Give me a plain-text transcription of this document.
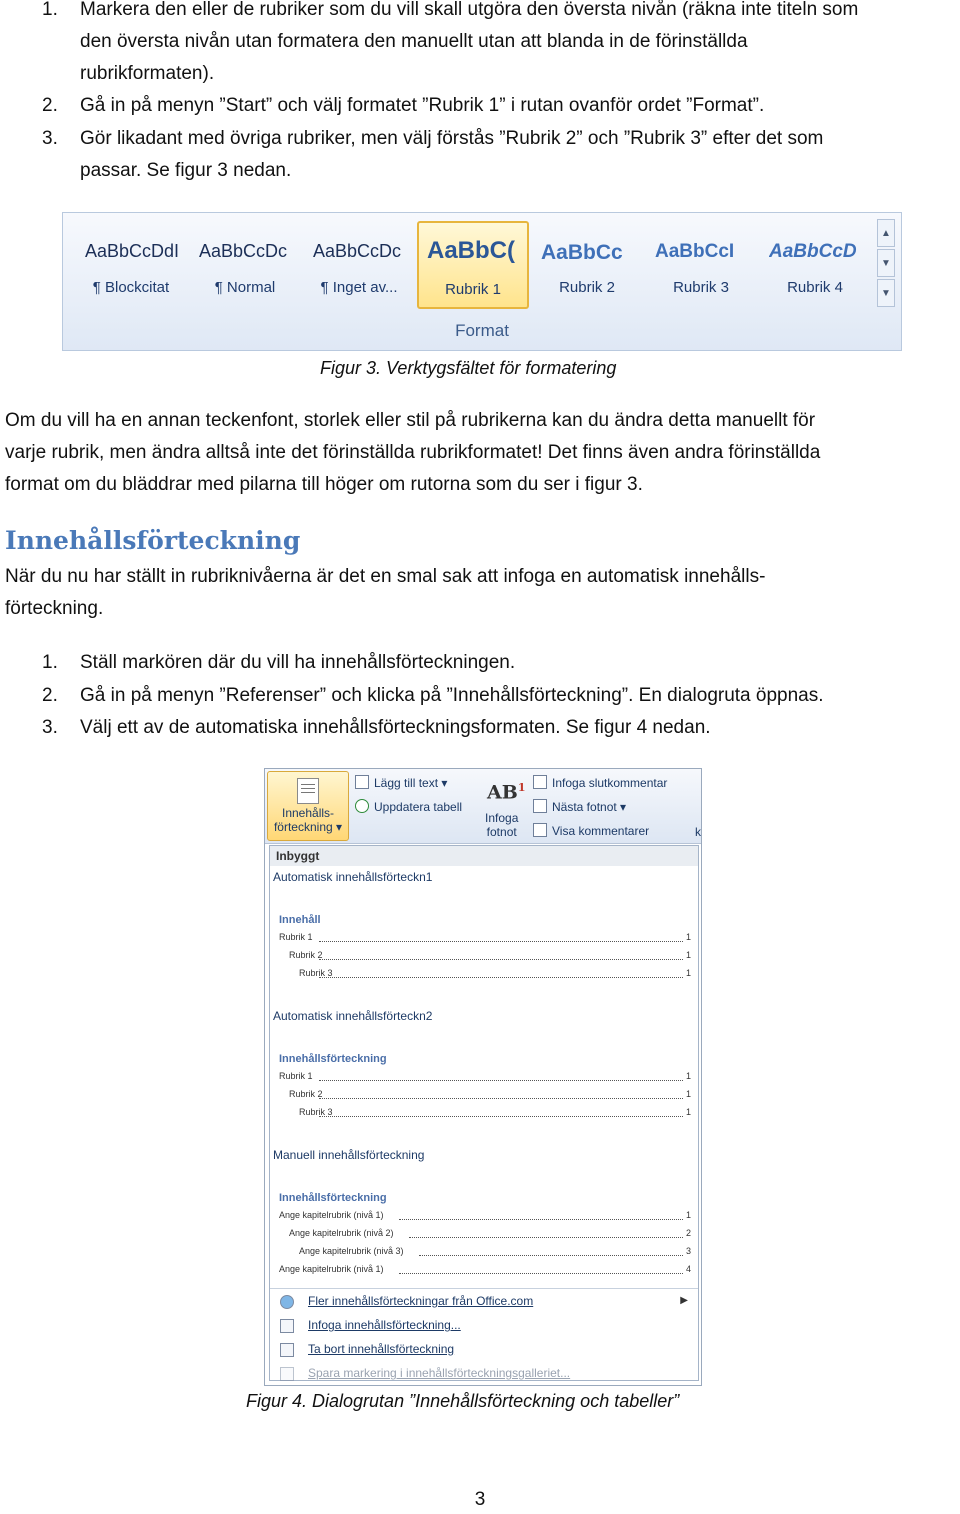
1. Markera den eller de rubriker som du vill skall utgöra den översta nivån (räkna inte titeln som
den översta nivån utan formatera den manuellt utan att blanda in de förinställda
rubrikformaten).
2. Gå in på menyn ”Start” och välj formatet ”Rubrik 1” i rutan ovanför ordet ”Format”.
3. Gör likadant med övriga rubriker, men välj förstås ”Rubrik 2” och ”Rubrik 3” efter det som
passar. Se figur 3 nedan.
AaBbCcDdI
¶ Blockcitat
AaBbCcDc
¶ Normal
AaBbCcDc
¶ Inget av...
AaBbC(
Rubrik 1
AaBbCc
Rubrik 2
AaBbCcI
Rubrik 3
AaBbCcD
Rubrik 4
▲
▼
▼
Format
Figur 3. Verktygsfältet för formatering
Om du vill ha en annan teckenfont, storlek eller stil på rubrikerna kan du ändra detta manuellt för
varje rubrik, men ändra alltså inte det förinställda rubrikformatet! Det finns även andra förinställda
format om du bläddrar med pilarna till höger om rutorna som du ser i figur 3.
Innehållsförteckning
När du nu har ställt in rubriknivåerna är det en smal sak att infoga en automatisk innehålls-
förteckning.
1. Ställ markören där du vill ha innehållsförteckningen.
2. Gå in på menyn ”Referenser” och klicka på ”Innehållsförteckning”. En dialogruta öppnas.
3. Välj ett av de automatiska innehållsförteckningsformaten. Se figur 4 nedan.
Innehålls-
förteckning ▾
Lägg till text ▾
Uppdatera tabell
$AB^1$
Infoga
fotnot
Infoga slutkommentar
Nästa fotnot ▾
Visa kommentarer	k
Inbyggt
Automatisk innehållsförteckn1
Innehåll
Rubrik 1	1
Rubrik 2	1
Rubrik 3	1
Automatisk innehållsförteckn2
Innehållsförteckning
Rubrik 1	1
Rubrik 2	1
Rubrik 3	1
Manuell innehållsförteckning
Innehållsförteckning
Ange kapitelrubrik (nivå 1)	1
Ange kapitelrubrik (nivå 2)	2
Ange kapitelrubrik (nivå 3)	3
Ange kapitelrubrik (nivå 1)	4
Fler innehållsförteckningar från Office.com	▶
Infoga innehållsförteckning...
Ta bort innehållsförteckning
Spara markering i innehållsförteckningsgalleriet...
Figur 4. Dialogrutan ”Innehållsförteckning och tabeller”
3
